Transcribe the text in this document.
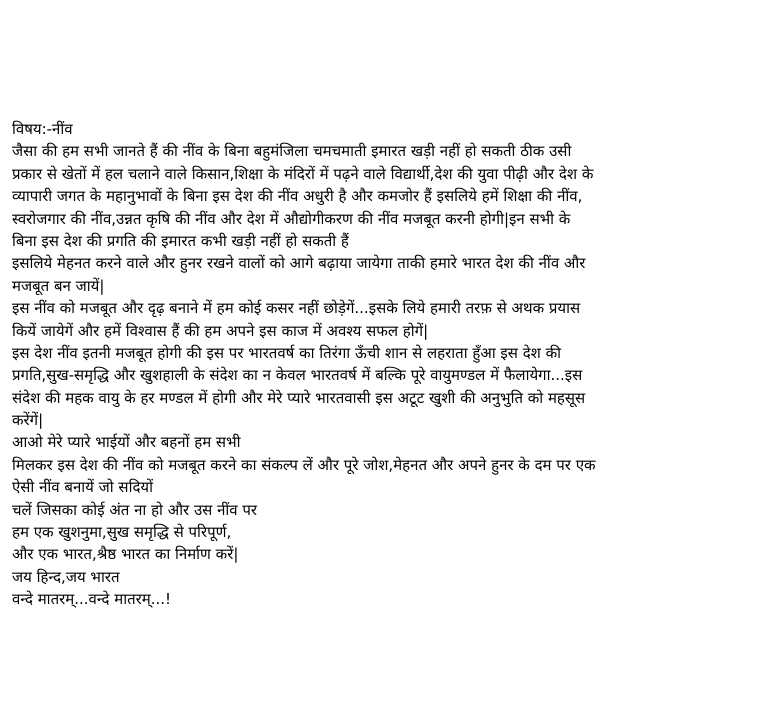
विषय:-नींव
जैसा की हम सभी जानते हैं की नींव के बिना बहुमंजिला चमचमाती इमारत खड़ी नहीं हो सकती ठीक उसी
प्रकार से खेतों में हल चलाने वाले किसान,शिक्षा के मंदिरों में पढ़ने वाले विद्यार्थी,देश की युवा पीढ़ी और देश के
व्यापारी जगत के महानुभावों के बिना इस देश की नींव अधुरी है और कमजोर हैं इसलिये हमें शिक्षा की नींव,
स्वरोजगार की नींव,उन्नत कृषि की नींव और देश में औद्योगीकरण की नींव मजबूत करनी होगी|इन सभी के
बिना इस देश की प्रगति की इमारत कभी खड़ी नहीं हो सकती हैं
इसलिये मेहनत करने वाले और हुनर रखने वालों को आगे बढ़ाया जायेगा ताकी हमारे भारत देश की नींव और
मजबूत बन जायें|
इस नींव को मजबूत और दृढ़ बनाने में हम कोई कसर नहीं छोड़ेगें...इसके लिये हमारी तरफ़ से अथक प्रयास
कियें जायेगें और हमें विश्वास हैं की हम अपने इस काज में अवश्य सफल होगें|
इस देश नींव इतनी मजबूत होगी की इस पर भारतवर्ष का तिरंगा ऊँची शान से लहराता हुँआ इस देश की
प्रगति,सुख-समृद्धि और खुशहाली के संदेश का न केवल भारतवर्ष में बल्कि पूरे वायुमण्डल में फैलायेगा...इस
संदेश की महक वायु के हर मण्डल में होगी और मेरे प्यारे भारतवासी इस अटूट खुशी की अनुभुति को महसूस
करेंगें|
आओ मेरे प्यारे भाईयों और बहनों हम सभी
मिलकर इस देश की नींव को मजबूत करने का संकल्प लें और पूरे जोश,मेहनत और अपने हुनर के दम पर एक
ऐसी नींव बनायें जो सदियों
चलें जिसका कोई अंत ना हो और उस नींव पर
हम एक खुशनुमा,सुख समृद्धि से परिपूर्ण,
और एक भारत,श्रैष्ठ भारत का निर्माण करें|
जय हिन्द,जय भारत
वन्दे मातरम्...वन्दे मातरम्...!
